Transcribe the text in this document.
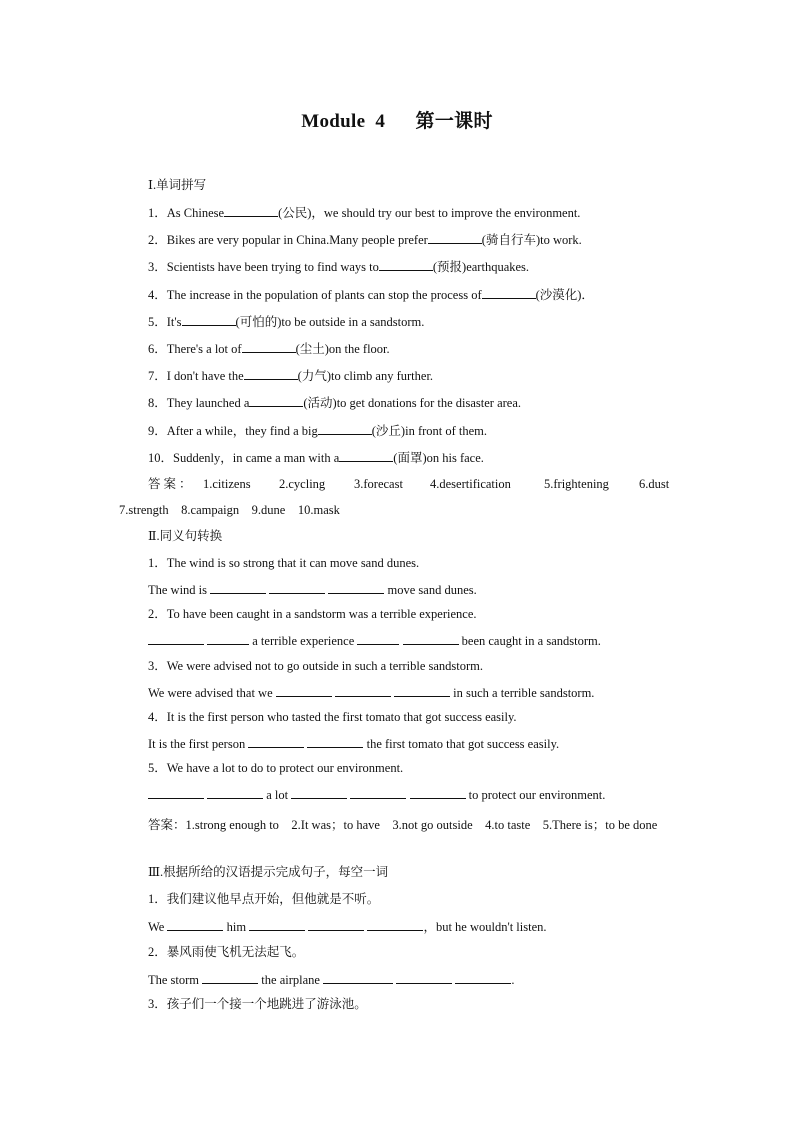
Module  4 第一课时
Ⅰ.单词拼写
1．As Chinese	(公民)，we should try our best to improve the environment.
2．Bikes are very popular in China.Many people prefer	(骑自行车)to work.
3．Scientists have been trying to find ways to	(预报)earthquakes.
4．The increase in the population of plants can stop the process of	(沙漠化)．
5．It's	(可怕的)to be outside in a sandstorm.
6．There's a lot of	(尘土)on the floor.
7．I don't have the	(力气)to climb any further.
8．They launched a	(活动)to get donations for the disaster area.
9．After a while，they find a big	(沙丘)in front of them.
10．Suddenly，in came a man with a	(面罩)on his face.
答案： 1.citizens 2.cycling 3.forecast 4.desertification	5.frightening 6.dust
7.strength　 8.campaign　 9.dune　 10.mask
Ⅱ.同义句转换
1．The wind is so strong that it can move sand dunes.
The wind is	move sand dunes.
2．To have been caught in a sandstorm was a terrible experience.
a terrible experience	been caught in a sandstorm.
3．We were advised not to go outside in such a terrible sandstorm.
We were advised that we	in such a terrible sandstorm.
4．It is the first person who tasted the first tomato that got success easily.
It is the first person	the first tomato that got success easily.
5．We have a lot to do to protect our environment.
a lot	to protect our environment.
答案：1.strong enough to　2.It was；to have　3.not go outside　4.to taste　5.There is；to be done
Ⅲ.根据所给的汉语提示完成句子，每空一词
1．我们建议他早点开始，但他就是不听。
We	him	，but he wouldn't listen.
2．暴风雨使飞机无法起飞。
The storm	the airplane	.
3．孩子们一个接一个地跳进了游泳池。
